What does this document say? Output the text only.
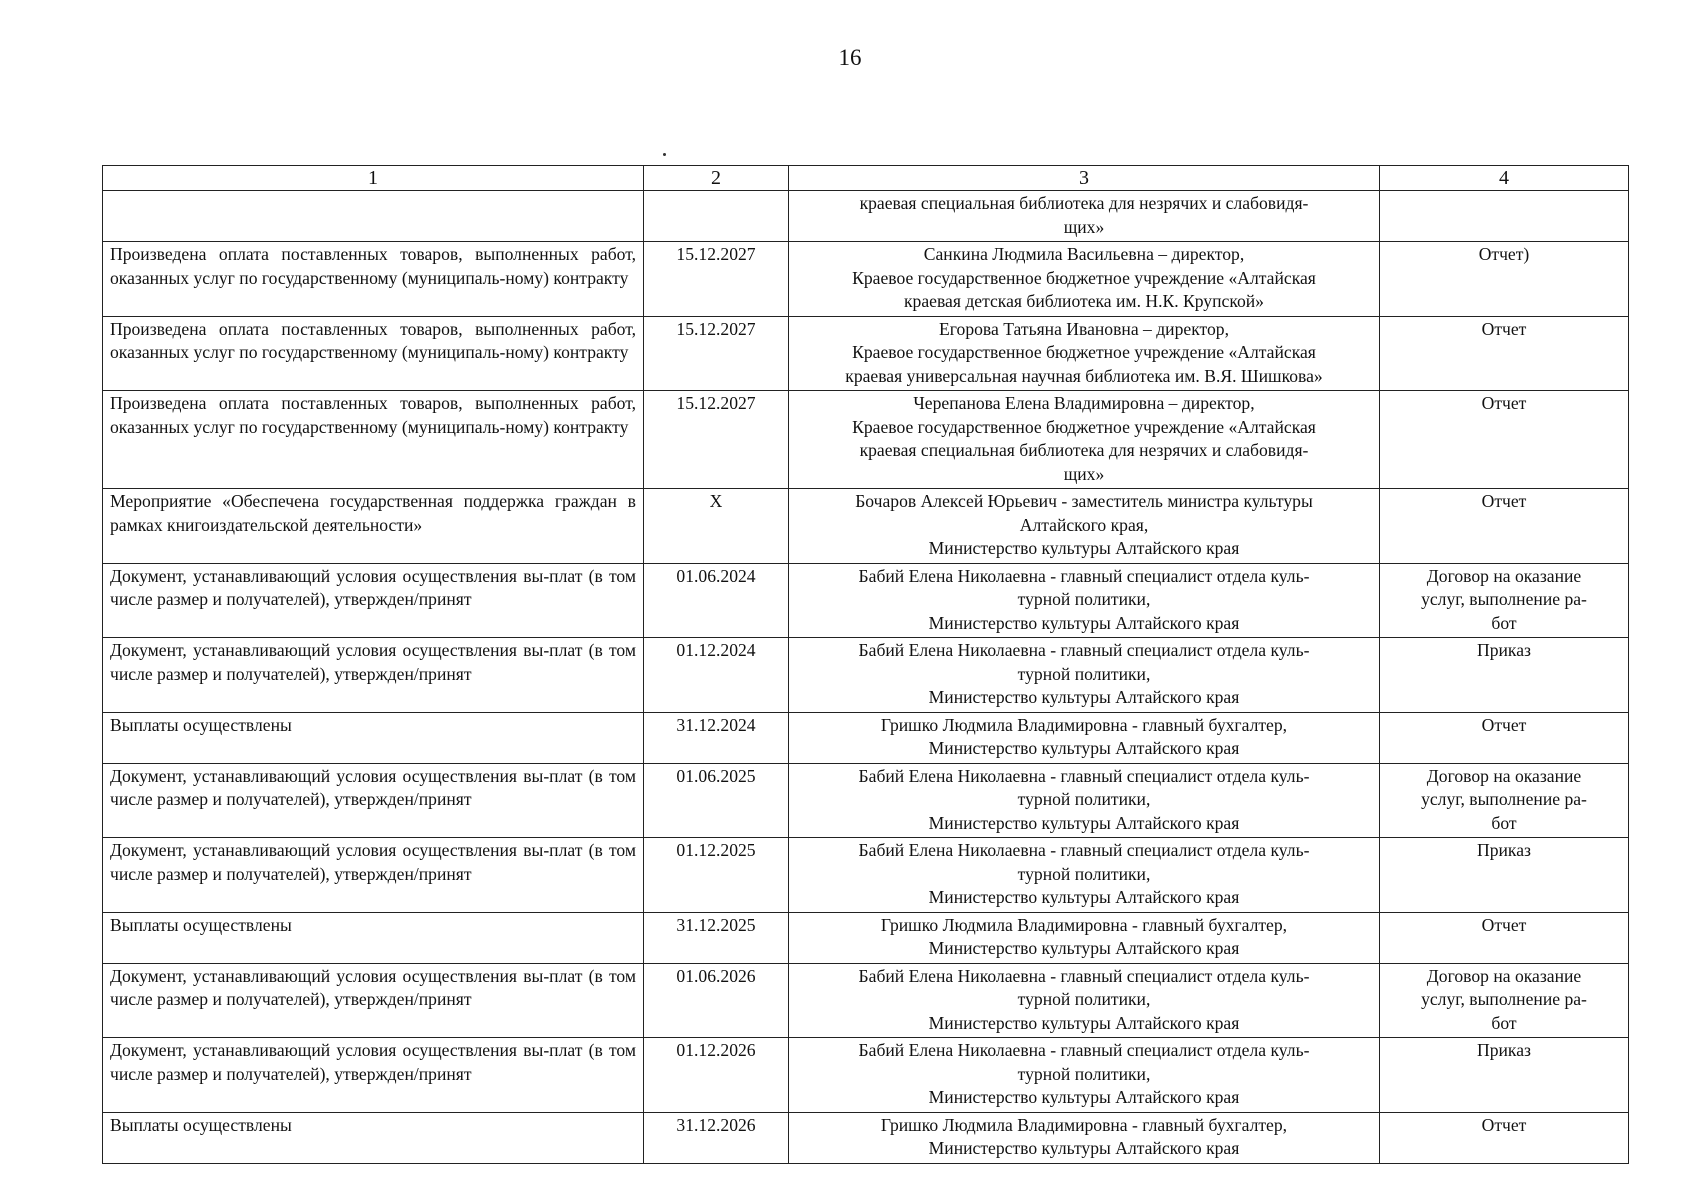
16
1	2	3	4

		краевая специальная библиотека для незрячих и слабовидя-
щих»	

Произведена оплата поставленных товаров, выполненных работ, оказанных услуг по государственному (муниципаль-ному) контракту	15.12.2027	Санкина Людмила Васильевна – директор,
Краевое государственное бюджетное учреждение «Алтайская
краевая детская библиотека им. Н.К. Крупской»	Отчет)

Произведена оплата поставленных товаров, выполненных работ, оказанных услуг по государственному (муниципаль-ному) контракту	15.12.2027	Егорова Татьяна Ивановна – директор,
Краевое государственное бюджетное учреждение «Алтайская
краевая универсальная научная библиотека им. В.Я. Шишкова»	Отчет

Произведена оплата поставленных товаров, выполненных работ, оказанных услуг по государственному (муниципаль-ному) контракту	15.12.2027	Черепанова Елена Владимировна – директор,
Краевое государственное бюджетное учреждение «Алтайская
краевая специальная библиотека для незрячих и слабовидя-
щих»	Отчет

Мероприятие «Обеспечена государственная поддержка граждан в рамках книгоиздательской деятельности»	Х	Бочаров Алексей Юрьевич - заместитель министра культуры
Алтайского края,
Министерство культуры Алтайского края	Отчет

Документ, устанавливающий условия осуществления вы-плат (в том числе размер и получателей), утвержден/принят	01.06.2024	Бабий Елена Николаевна - главный специалист отдела куль-
турной политики,
Министерство культуры Алтайского края	Договор на оказание
услуг, выполнение ра-
бот

Документ, устанавливающий условия осуществления вы-плат (в том числе размер и получателей), утвержден/принят	01.12.2024	Бабий Елена Николаевна - главный специалист отдела куль-
турной политики,
Министерство культуры Алтайского края	Приказ

Выплаты осуществлены	31.12.2024	Гришко Людмила Владимировна - главный бухгалтер,
Министерство культуры Алтайского края	Отчет

Документ, устанавливающий условия осуществления вы-плат (в том числе размер и получателей), утвержден/принят	01.06.2025	Бабий Елена Николаевна - главный специалист отдела куль-
турной политики,
Министерство культуры Алтайского края	Договор на оказание
услуг, выполнение ра-
бот

Документ, устанавливающий условия осуществления вы-плат (в том числе размер и получателей), утвержден/принят	01.12.2025	Бабий Елена Николаевна - главный специалист отдела куль-
турной политики,
Министерство культуры Алтайского края	Приказ

Выплаты осуществлены	31.12.2025	Гришко Людмила Владимировна - главный бухгалтер,
Министерство культуры Алтайского края	Отчет

Документ, устанавливающий условия осуществления вы-плат (в том числе размер и получателей), утвержден/принят	01.06.2026	Бабий Елена Николаевна - главный специалист отдела куль-
турной политики,
Министерство культуры Алтайского края	Договор на оказание
услуг, выполнение ра-
бот

Документ, устанавливающий условия осуществления вы-плат (в том числе размер и получателей), утвержден/принят	01.12.2026	Бабий Елена Николаевна - главный специалист отдела куль-
турной политики,
Министерство культуры Алтайского края	Приказ

Выплаты осуществлены	31.12.2026	Гришко Людмила Владимировна - главный бухгалтер,
Министерство культуры Алтайского края	Отчет
